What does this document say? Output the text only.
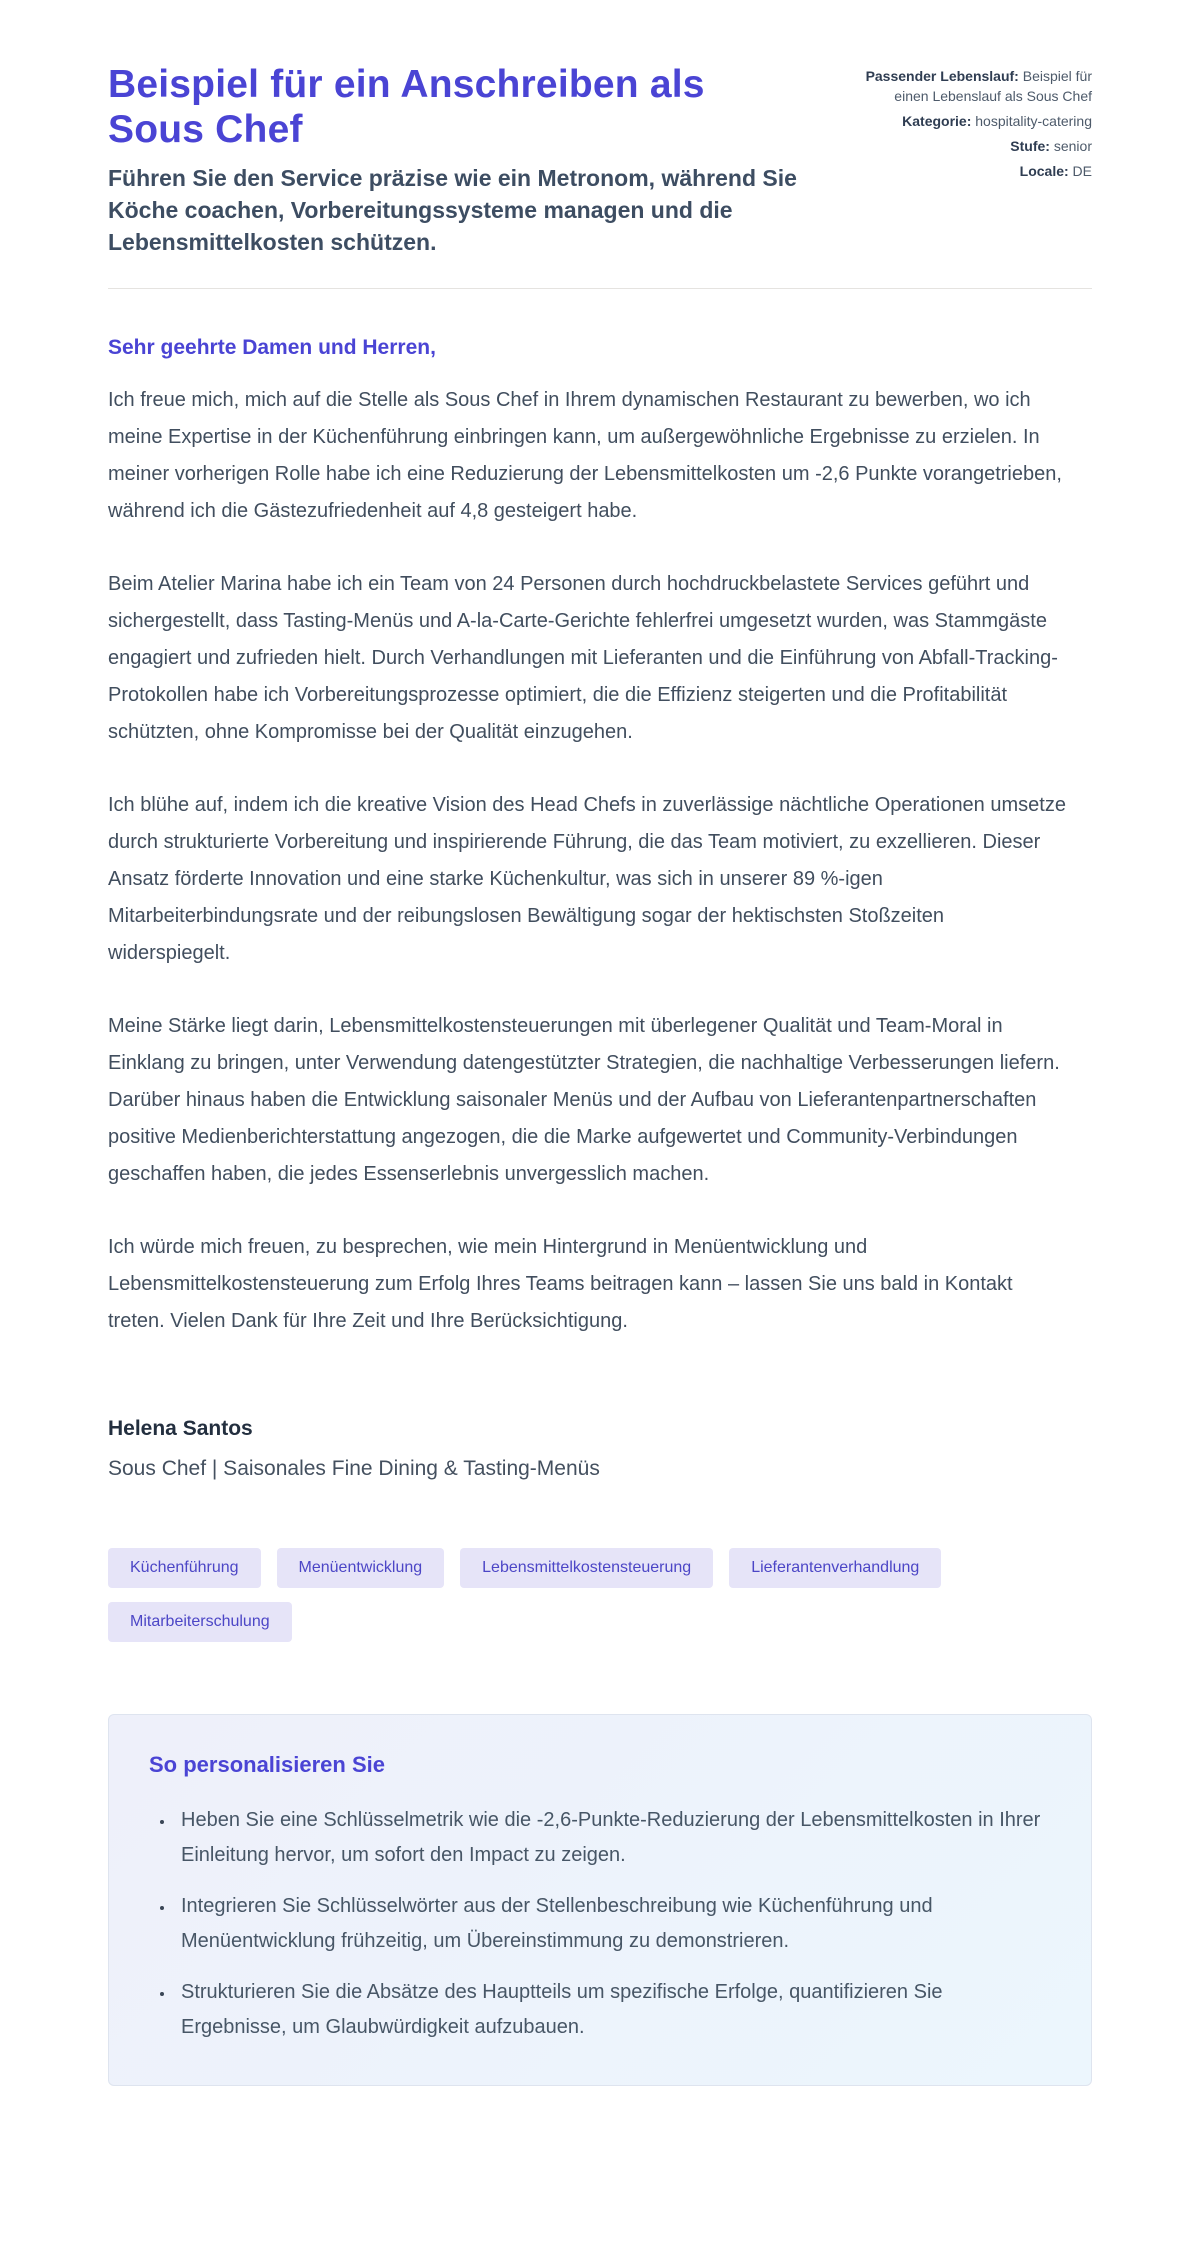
Beispiel für ein Anschreiben als Sous Chef

Führen Sie den Service präzise wie ein Metronom, während Sie Köche coachen, Vorbereitungssysteme managen und die Lebensmittelkosten schützen.

Passender Lebenslauf: Beispiel für einen Lebenslauf als Sous Chef
Kategorie: hospitality-catering
Stufe: senior
Locale: DE

Sehr geehrte Damen und Herren,

Ich freue mich, mich auf die Stelle als Sous Chef in Ihrem dynamischen Restaurant zu bewerben, wo ich meine Expertise in der Küchenführung einbringen kann, um außergewöhnliche Ergebnisse zu erzielen. In meiner vorherigen Rolle habe ich eine Reduzierung der Lebensmittelkosten um -2,6 Punkte vorangetrieben, während ich die Gästezufriedenheit auf 4,8 gesteigert habe.

Beim Atelier Marina habe ich ein Team von 24 Personen durch hochdruckbelastete Services geführt und sichergestellt, dass Tasting-Menüs und A-la-Carte-Gerichte fehlerfrei umgesetzt wurden, was Stammgäste engagiert und zufrieden hielt. Durch Verhandlungen mit Lieferanten und die Einführung von Abfall-Tracking-Protokollen habe ich Vorbereitungsprozesse optimiert, die die Effizienz steigerten und die Profitabilität schützten, ohne Kompromisse bei der Qualität einzugehen.

Ich blühe auf, indem ich die kreative Vision des Head Chefs in zuverlässige nächtliche Operationen umsetze durch strukturierte Vorbereitung und inspirierende Führung, die das Team motiviert, zu exzellieren. Dieser Ansatz förderte Innovation und eine starke Küchenkultur, was sich in unserer 89 %-igen Mitarbeiterbindungsrate und der reibungslosen Bewältigung sogar der hektischsten Stoßzeiten widerspiegelt.

Meine Stärke liegt darin, Lebensmittelkostensteuerungen mit überlegener Qualität und Team-Moral in Einklang zu bringen, unter Verwendung datengestützter Strategien, die nachhaltige Verbesserungen liefern. Darüber hinaus haben die Entwicklung saisonaler Menüs und der Aufbau von Lieferantenpartnerschaften positive Medienberichterstattung angezogen, die die Marke aufgewertet und Community-Verbindungen geschaffen haben, die jedes Essenserlebnis unvergesslich machen.

Ich würde mich freuen, zu besprechen, wie mein Hintergrund in Menüentwicklung und Lebensmittelkostensteuerung zum Erfolg Ihres Teams beitragen kann – lassen Sie uns bald in Kontakt treten. Vielen Dank für Ihre Zeit und Ihre Berücksichtigung.

Helena Santos

Sous Chef | Saisonales Fine Dining & Tasting-Menüs

Küchenführung	Menüentwicklung	Lebensmittelkostensteuerung	Lieferantenverhandlung
Mitarbeiterschulung
So personalisieren Sie
• Heben Sie eine Schlüsselmetrik wie die -2,6-Punkte-Reduzierung der Lebensmittelkosten in Ihrer Einleitung hervor, um sofort den Impact zu zeigen.
• Integrieren Sie Schlüsselwörter aus der Stellenbeschreibung wie Küchenführung und Menüentwicklung frühzeitig, um Übereinstimmung zu demonstrieren.
• Strukturieren Sie die Absätze des Hauptteils um spezifische Erfolge, quantifizieren Sie Ergebnisse, um Glaubwürdigkeit aufzubauen.
